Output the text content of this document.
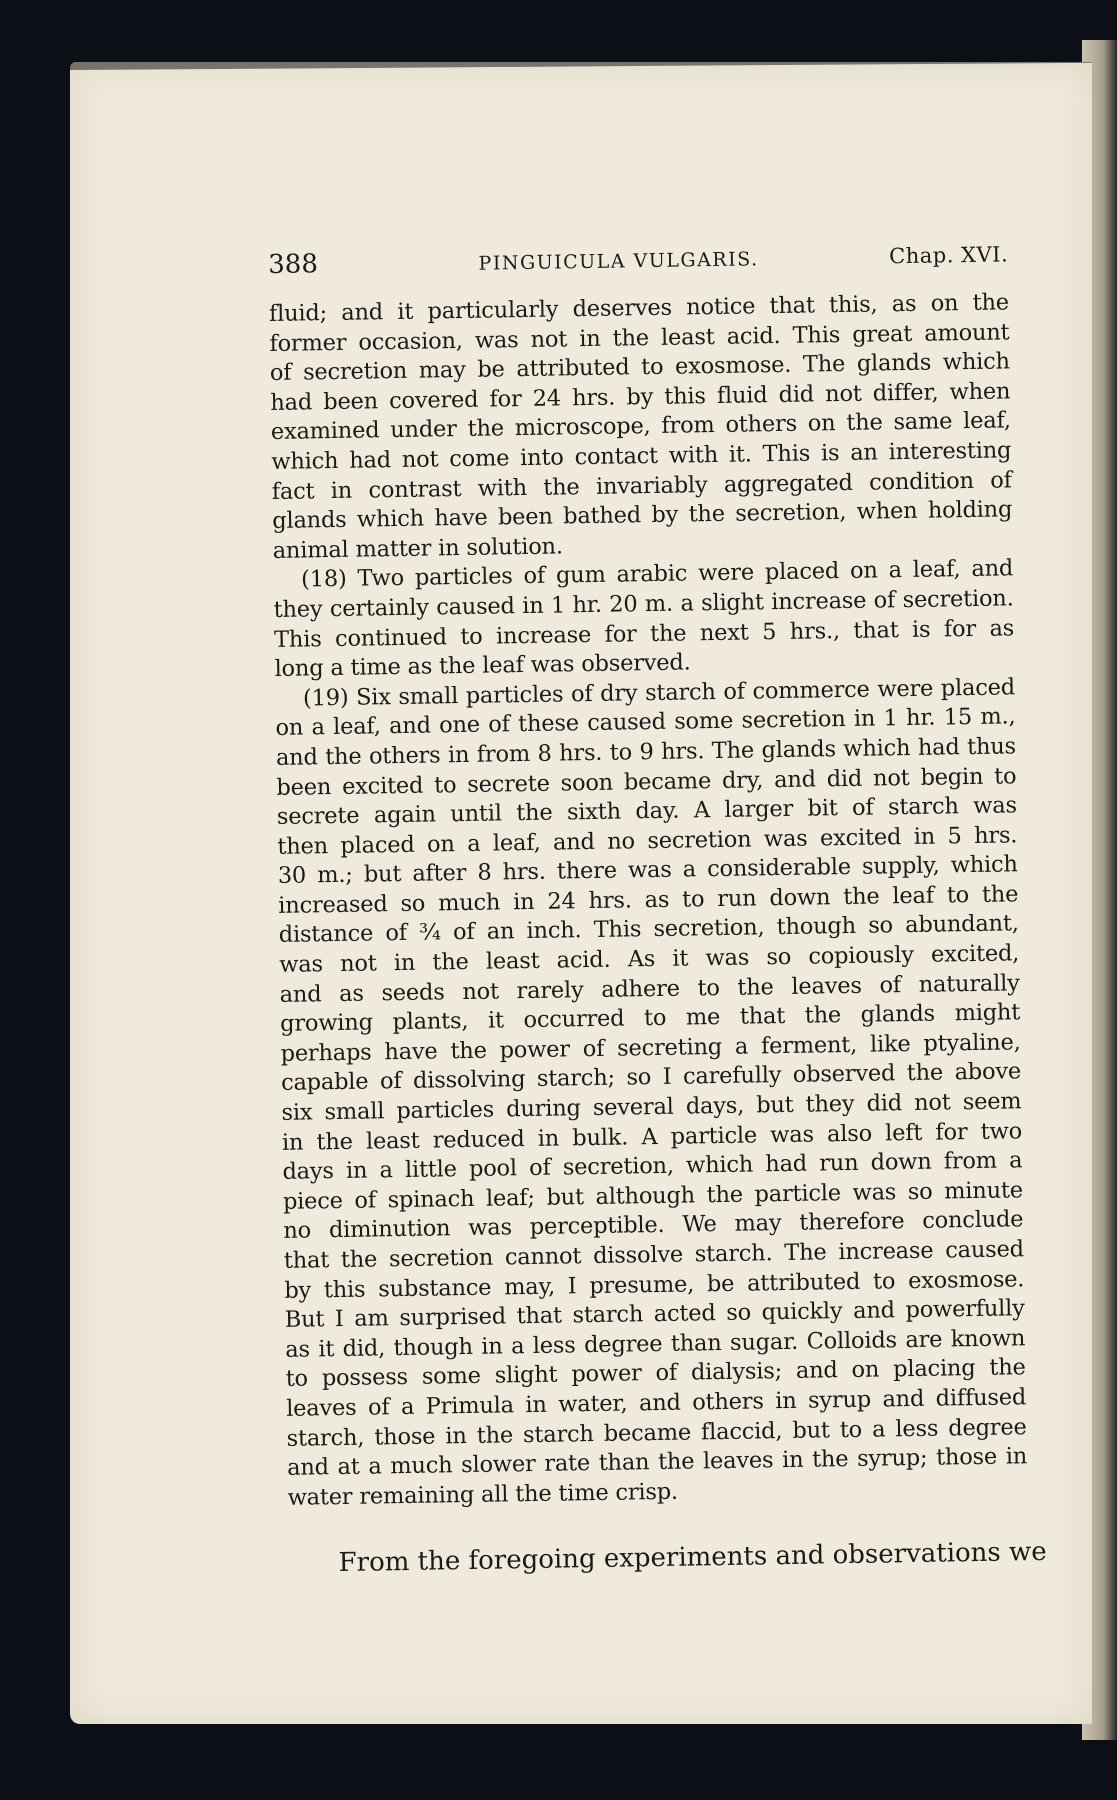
388	PINGUICULA VULGARIS.	Chap. XVI.
fluid; and it particularly deserves notice that this, as on the
former occasion, was not in the least acid. This great amount
of secretion may be attributed to exosmose. The glands which
had been covered for 24 hrs. by this fluid did not differ, when
examined under the microscope, from others on the same leaf,
which had not come into contact with it. This is an interesting
fact in contrast with the invariably aggregated condition of
glands which have been bathed by the secretion, when holding
animal matter in solution.
(18) Two particles of gum arabic were placed on a leaf, and
they certainly caused in 1 hr. 20 m. a slight increase of secretion.
This continued to increase for the next 5 hrs., that is for as
long a time as the leaf was observed.
(19) Six small particles of dry starch of commerce were placed
on a leaf, and one of these caused some secretion in 1 hr. 15 m.,
and the others in from 8 hrs. to 9 hrs. The glands which had thus
been excited to secrete soon became dry, and did not begin to
secrete again until the sixth day. A larger bit of starch was
then placed on a leaf, and no secretion was excited in 5 hrs.
30 m.; but after 8 hrs. there was a considerable supply, which
increased so much in 24 hrs. as to run down the leaf to the
distance of ¾ of an inch. This secretion, though so abundant,
was not in the least acid. As it was so copiously excited,
and as seeds not rarely adhere to the leaves of naturally
growing plants, it occurred to me that the glands might
perhaps have the power of secreting a ferment, like ptyaline,
capable of dissolving starch; so I carefully observed the above
six small particles during several days, but they did not seem
in the least reduced in bulk. A particle was also left for two
days in a little pool of secretion, which had run down from a
piece of spinach leaf; but although the particle was so minute
no diminution was perceptible. We may therefore conclude
that the secretion cannot dissolve starch. The increase caused
by this substance may, I presume, be attributed to exosmose.
But I am surprised that starch acted so quickly and powerfully
as it did, though in a less degree than sugar. Colloids are known
to possess some slight power of dialysis; and on placing the
leaves of a Primula in water, and others in syrup and diffused
starch, those in the starch became flaccid, but to a less degree
and at a much slower rate than the leaves in the syrup; those in
water remaining all the time crisp.
From the foregoing experiments and observations we
